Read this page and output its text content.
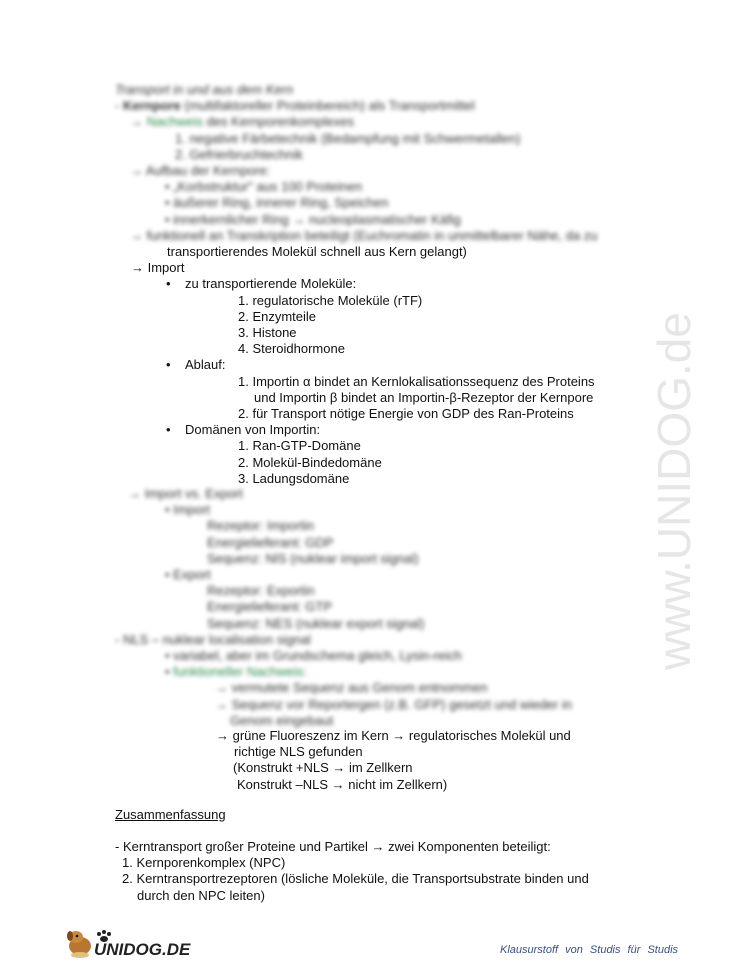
Transport in und aus dem Kern
- Kernpore (multifaktoreller Proteinbereich) als Transportmittel
→ Nachweis des Kernporenkomplexes
1. negative Färbetechnik (Bedampfung mit Schwermetallen)
2. Gefrierbruchtechnik
→ Aufbau der Kernpore:
• „Korbstruktur" aus 100 Proteinen
• äußerer Ring, innerer Ring, Speichen
• innerkernlicher Ring → nucleoplasmatischer Käfig
→ funktionell an Transkription beteiligt (Euchromatin in unmittelbarer Nähe, da zu
transportierendes Molekül schnell aus Kern gelangt)
→ Import
• zu transportierende Moleküle:
1. regulatorische Moleküle (rTF)
2. Enzymteile
3. Histone
4. Steroidhormone
• Ablauf:
1. Importin α bindet an Kernlokalisationssequenz des Proteins
und Importin β bindet an Importin-β-Rezeptor der Kernpore
2. für Transport nötige Energie von GDP des Ran-Proteins
• Domänen von Importin:
1. Ran-GTP-Domäne
2. Molekül-Bindedomäne
3. Ladungsdomäne
→ Import vs. Export
• Import
Rezeptor: Importin
Energielieferant: GDP
Sequenz: NlS (nuklear import signal)
• Export
Rezeptor: Exportin
Energielieferant: GTP
Sequenz: NES (nuklear export signal)
- NLS – nuklear localisation signal
• variabel, aber im Grundschema gleich, Lysin-reich
• funktioneller Nachweis:
→ vermutete Sequenz aus Genom entnommen
→ Sequenz vor Reportergen (z.B. GFP) gesetzt und wieder in
Genom eingebaut
→ grüne Fluoreszenz im Kern → regulatorisches Molekül und
richtige NLS gefunden
(Konstrukt +NLS → im Zellkern
Konstrukt –NLS → nicht im Zellkern)
Zusammenfassung
- Kerntransport großer Proteine und Partikel → zwei Komponenten beteiligt:
1. Kernporenkomplex (NPC)
2. Kerntransportrezeptoren (lösliche Moleküle, die Transportsubstrate binden und
durch den NPC leiten)
www.UNIDOG.de
UNIDOG.DE	Klausurstoff von Studis für Studis
